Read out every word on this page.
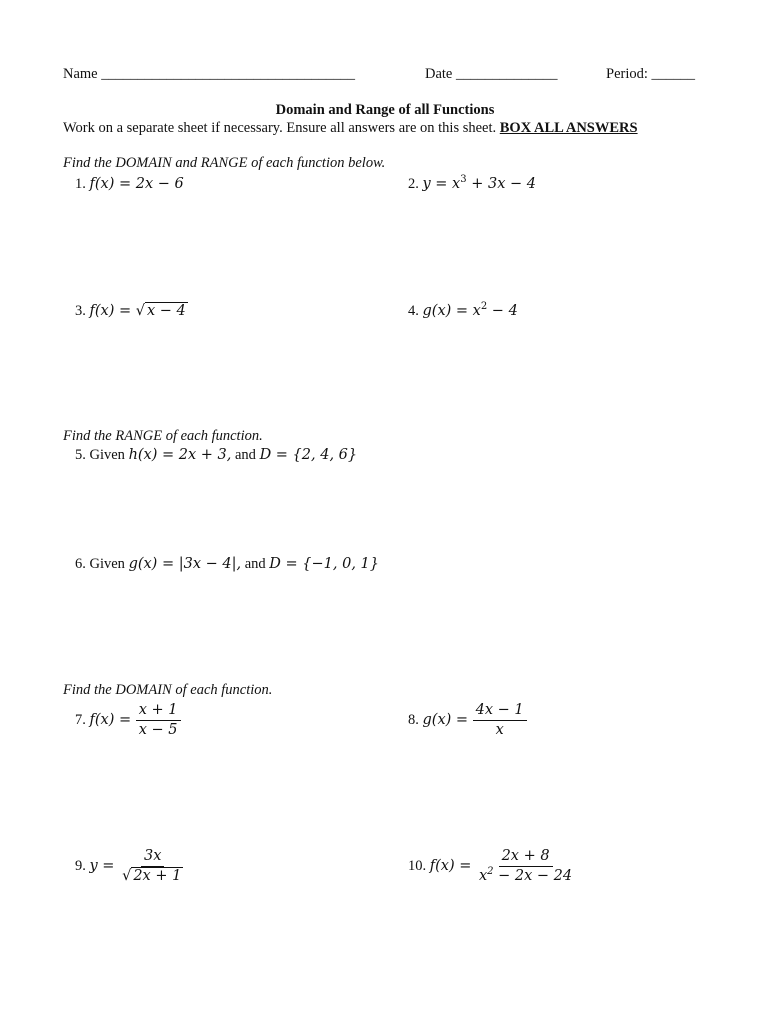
Name ___________________________________	Date ______________	Period: ______
Domain and Range of all Functions
Work on a separate sheet if necessary. Ensure all answers are on this sheet. BOX ALL ANSWERS
Find the DOMAIN and RANGE of each function below.
1. f(x) = 2x − 6	2. $y = x^3 + 3x - 4$
3. f(x) = √ x − 4	4. $g(x) = x^2 - 4$
Find the RANGE of each function.
5. Given h(x) = 2x + 3, and D = {2, 4, 6}
6. Given g(x) = |3x − 4|, and D = {−1, 0, 1}
Find the DOMAIN of each function.
7. $f(x) = \frac{x + 1}{x - 5}$	8. $g(x) = \frac{4x - 1}{x}$
9. $y = \frac{3x}{√ 2x + 1}$	10. $f(x) = \frac{2x + 8}{x^2 - 2x - 24}$
